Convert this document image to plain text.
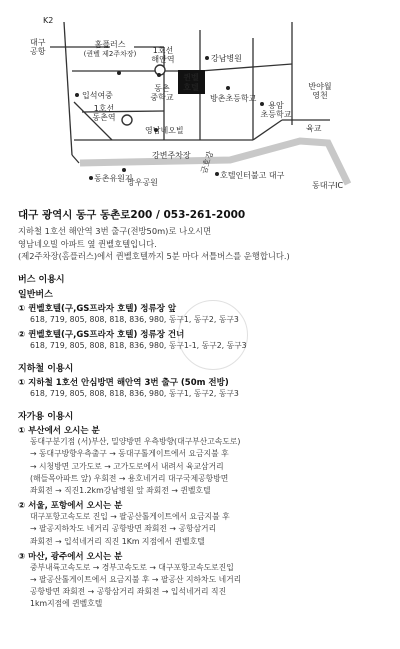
금호강
퀸벨 호텔
K2
대구 공항
홈플러스 (퀸벨 제2주차장) 1호선 해안역	강남병원
입석여중
동촌 중학교
반야월 영천
1호선 동촌역
방촌초등학교
용암 초등학교
영남네오빌	육교
강변주차장
동촌유원지
망우공원
호텔인터불고 대구
동대구IC

대구 광역시 동구 동촌로200 / 053-261-2000

지하철 1호선 해안역 3번 출구(전방50m)로 나오시면

영남네오빌 아파트 옆 퀸벨호텔입니다.

(제2주차장(홈플러스)에서 퀸벨호텔까지 5분 마다 셔틀버스를 운행합니다.)

버스 이용시
일반버스
① 퀸벨호텔(구,GS프라자 호텔) 정류장 앞
618, 719, 805, 808, 818, 836, 980, 동구1, 동구2, 동구3
② 퀸벨호텔(구,GS프라자 호텔) 정류장 건너
618, 719, 805, 808, 818, 836, 980, 동구1-1, 동구2, 동구3
지하철 이용시
① 지하철 1호선 안심방면 해안역 3번 출구 (50m 전방)
618, 719, 805, 808, 818, 836, 980, 동구1, 동구2, 동구3
자가용 이용시
① 부산에서 오시는 분
동대구분기점 (서)부산, 밀양방면 우측방향(대구부산고속도로)
→ 동대구방향우측출구 → 동대구톨게이트에서 요금지불 후
→ 시청방면 고가도로 → 고가도로에서 내려서 육교삼거리
(해들목아파트 앞) 우회전 → 용호네거리 대구국제공항방면
좌회전 → 직진1.2km강남병원 앞 좌회전 → 퀸벨호텔
② 서울, 포항에서 오시는 분
대구포항고속도로 진입 → 팔공산톨게이트에서 요금지불 후
→ 팔공지하차도 네거리 공항방면 좌회전 → 공항삼거리
좌회전 → 입석네거리 직진 1Km 지점에서 퀸벨호텔
③ 마산, 광주에서 오시는 분
중부내륙고속도로 → 경부고속도로 → 대구포항고속도로진입
→ 팔공산톨게이트에서 요금지불 후 → 팔공산 지하차도 네거리
공항방면 좌회전 → 공항삼거리 좌회전 → 입석네거리 직진
1km지점에 퀸벨호텔
